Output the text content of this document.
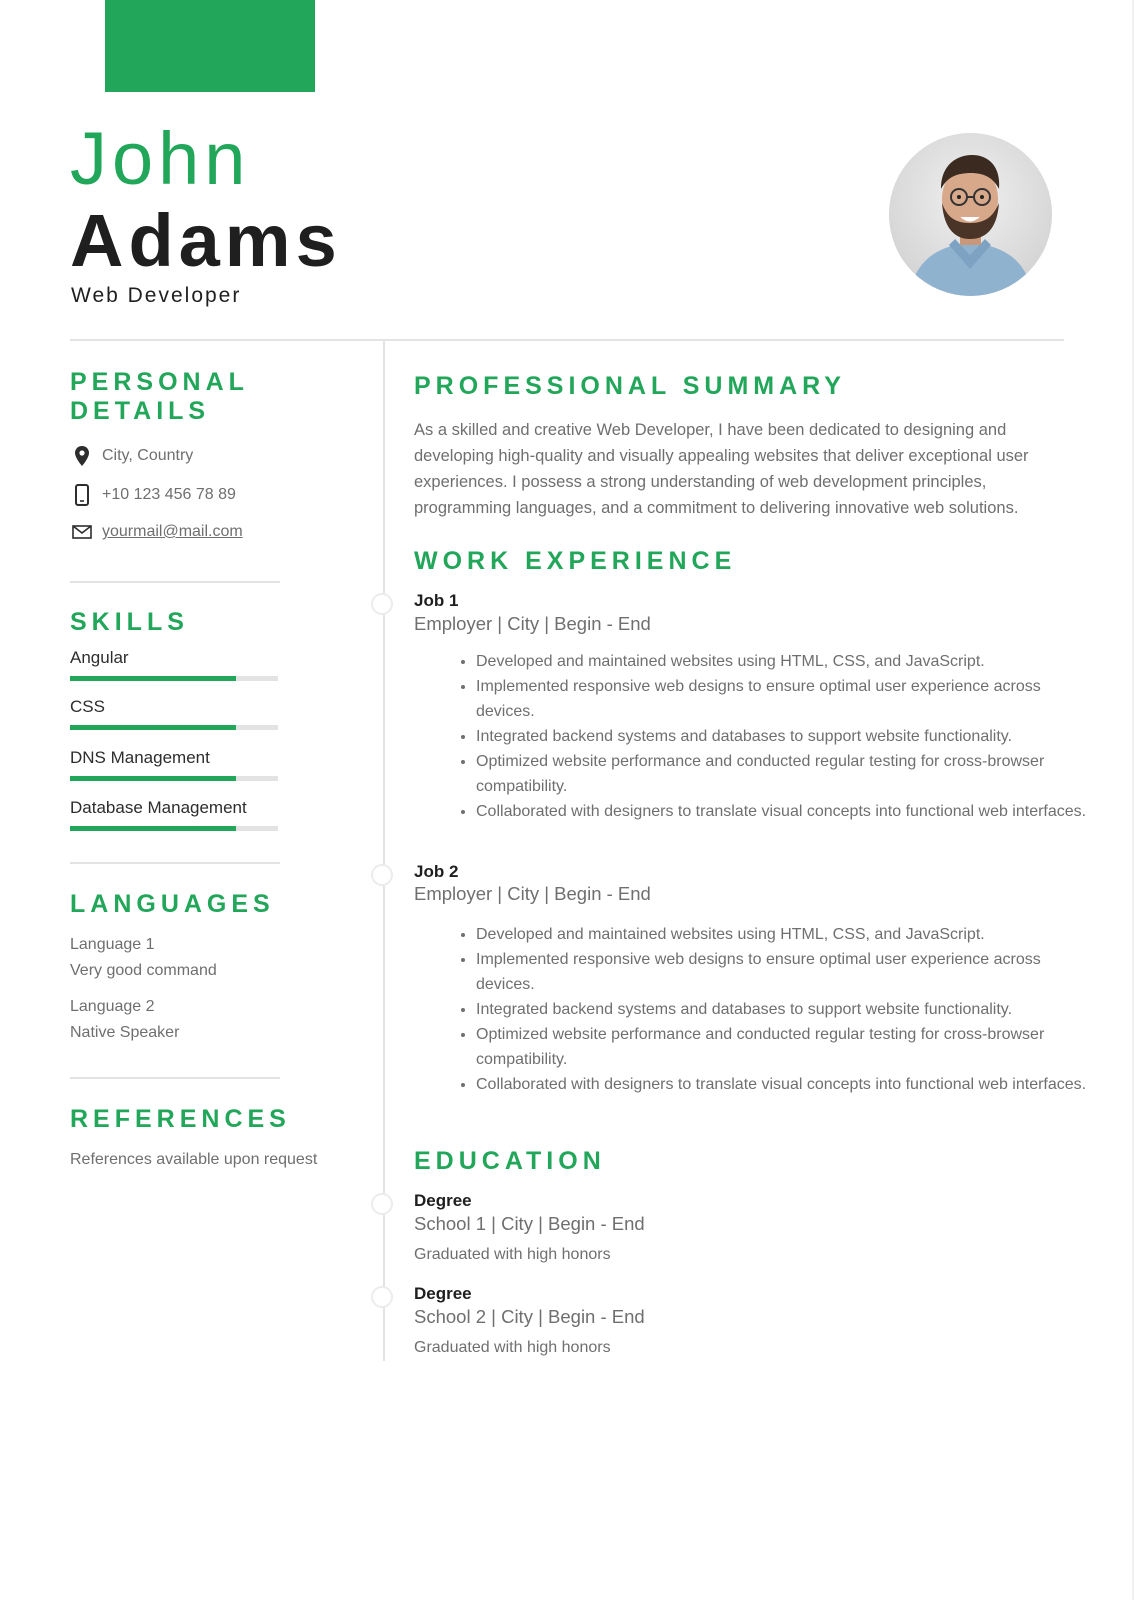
John
Adams
Web Developer
PERSONAL
DETAILS
City, Country
+10 123 456 78 89
yourmail@mail.com
SKILLS
Angular
CSS
DNS Management
Database Management
LANGUAGES
Language 1
Very good command
Language 2
Native Speaker
REFERENCES
References available upon request
PROFESSIONAL SUMMARY

As a skilled and creative Web Developer, I have been dedicated to designing and developing high-quality and visually appealing websites that deliver exceptional user experiences. I possess a strong understanding of web development principles, programming languages, and a commitment to delivering innovative web solutions.

WORK EXPERIENCE
Job 1
Employer | City | Begin - End
• Developed and maintained websites using HTML, CSS, and JavaScript.
• Implemented responsive web designs to ensure optimal user experience across devices.
• Integrated backend systems and databases to support website functionality.
• Optimized website performance and conducted regular testing for cross-browser compatibility.
• Collaborated with designers to translate visual concepts into functional web interfaces.
Job 2
Employer | City | Begin - End
• Developed and maintained websites using HTML, CSS, and JavaScript.
• Implemented responsive web designs to ensure optimal user experience across devices.
• Integrated backend systems and databases to support website functionality.
• Optimized website performance and conducted regular testing for cross-browser compatibility.
• Collaborated with designers to translate visual concepts into functional web interfaces.
EDUCATION
Degree
School 1 | City | Begin - End
Graduated with high honors
Degree
School 2 | City | Begin - End
Graduated with high honors
